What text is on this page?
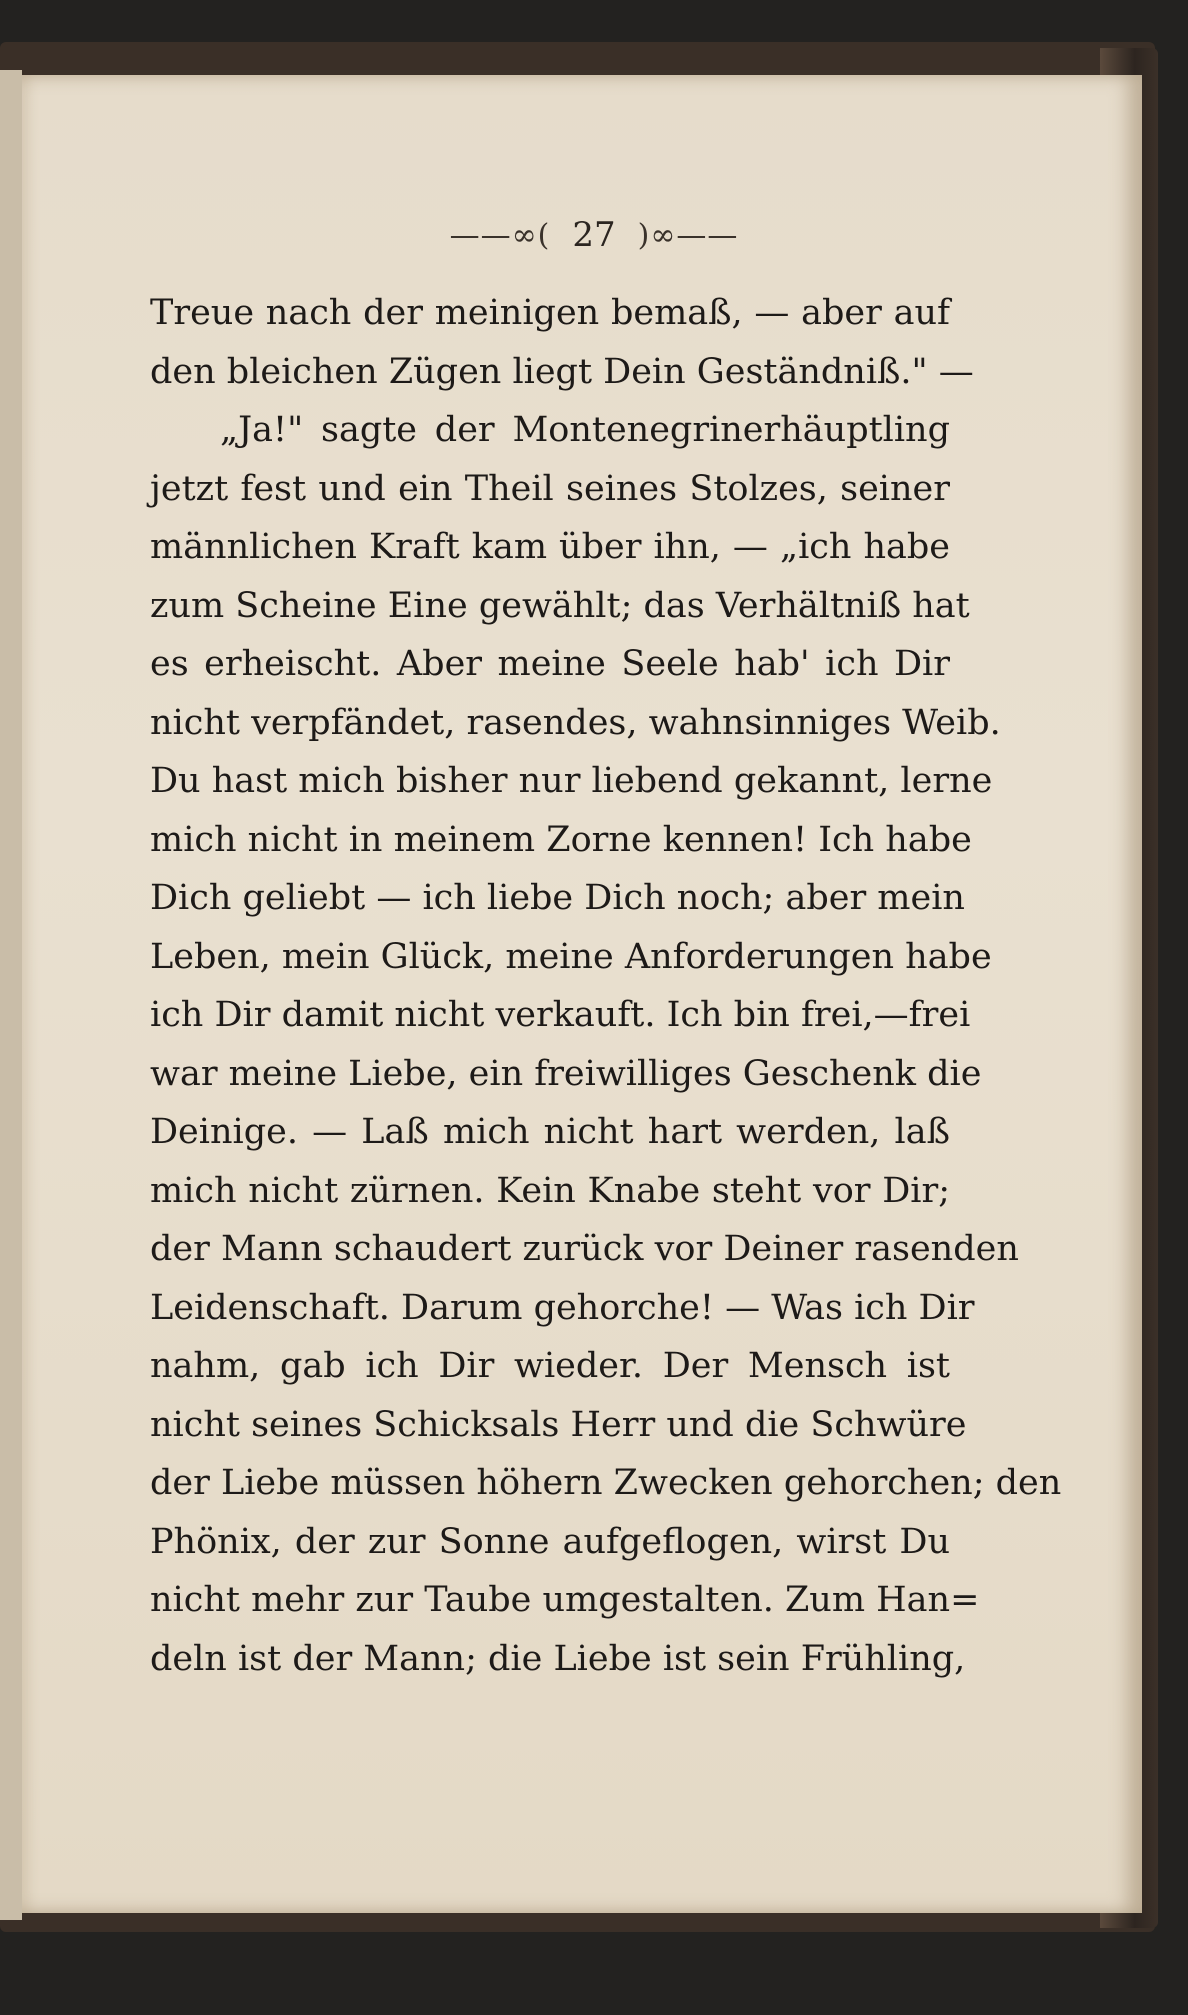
——∞( 27 )∞——
Treue nach der meinigen bemaß, — aber auf
den bleichen Zügen liegt Dein Geständniß." —
„Ja!" sagte der Montenegrinerhäuptling
jetzt fest und ein Theil seines Stolzes, seiner
männlichen Kraft kam über ihn, — „ich habe
zum Scheine Eine gewählt; das Verhältniß hat
es erheischt. Aber meine Seele hab' ich Dir
nicht verpfändet, rasendes, wahnsinniges Weib.
Du hast mich bisher nur liebend gekannt, lerne
mich nicht in meinem Zorne kennen! Ich habe
Dich geliebt — ich liebe Dich noch; aber mein
Leben, mein Glück, meine Anforderungen habe
ich Dir damit nicht verkauft. Ich bin frei,—frei
war meine Liebe, ein freiwilliges Geschenk die
Deinige. — Laß mich nicht hart werden, laß
mich nicht zürnen. Kein Knabe steht vor Dir;
der Mann schaudert zurück vor Deiner rasenden
Leidenschaft. Darum gehorche! — Was ich Dir
nahm, gab ich Dir wieder. Der Mensch ist
nicht seines Schicksals Herr und die Schwüre
der Liebe müssen höhern Zwecken gehorchen; den
Phönix, der zur Sonne aufgeflogen, wirst Du
nicht mehr zur Taube umgestalten. Zum Han=
deln ist der Mann; die Liebe ist sein Frühling,
